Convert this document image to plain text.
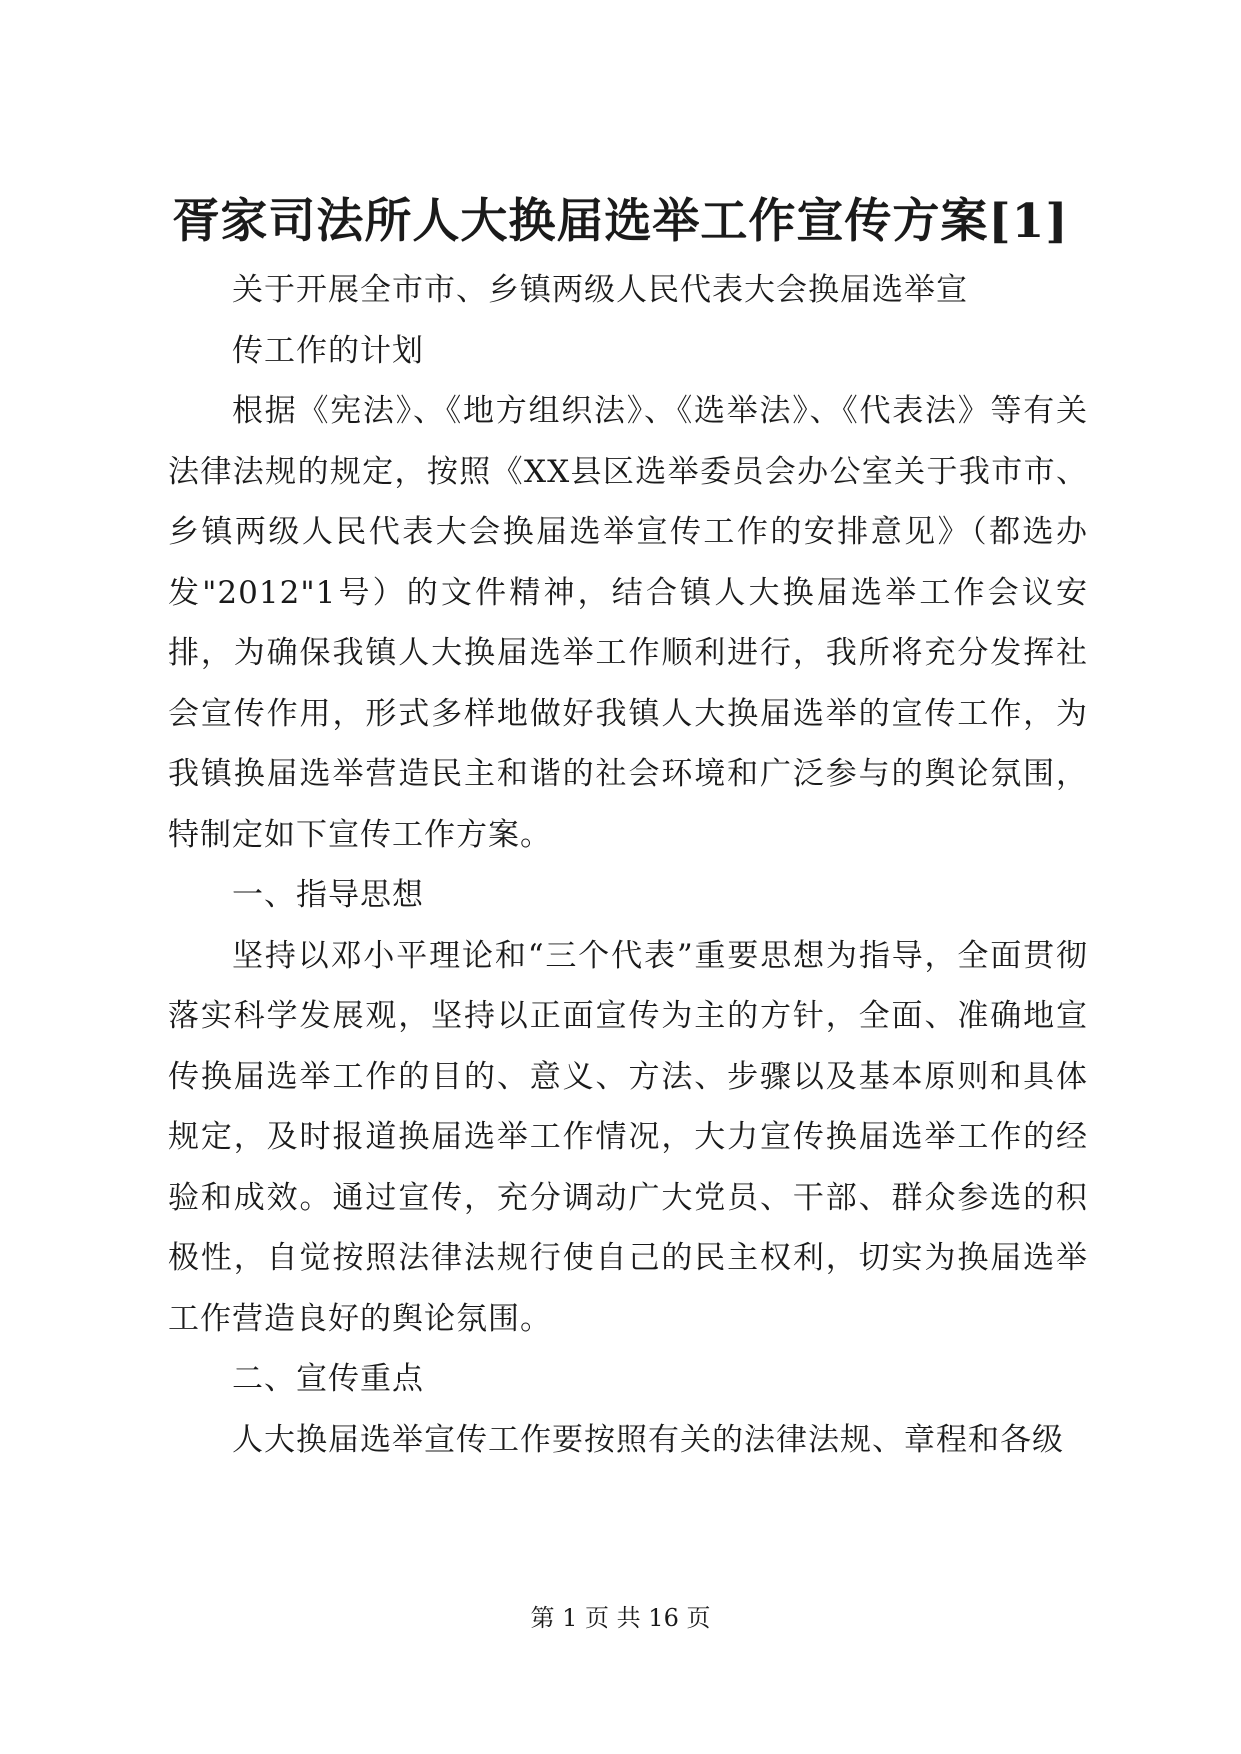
胥家司法所人大换届选举工作宣传方案[1]

关于开展全市市、乡镇两级人民代表大会换届选举宣

传工作的计划

根据《宪法》、《地方组织法》、《选举法》、《代表法》等有关法律法规的规定，按照《XX县区选举委员会办公室关于我市市、乡镇两级人民代表大会换届选举宣传工作的安排意见》（都选办发"2012"1号）的文件精神，结合镇人大换届选举工作会议安排，为确保我镇人大换届选举工作顺利进行，我所将充分发挥社会宣传作用，形式多样地做好我镇人大换届选举的宣传工作，为我镇换届选举营造民主和谐的社会环境和广泛参与的舆论氛围，特制定如下宣传工作方案。

一、指导思想

坚持以邓小平理论和“三个代表”重要思想为指导，全面贯彻落实科学发展观，坚持以正面宣传为主的方针，全面、准确地宣传换届选举工作的目的、意义、方法、步骤以及基本原则和具体规定，及时报道换届选举工作情况，大力宣传换届选举工作的经验和成效。通过宣传，充分调动广大党员、干部、群众参选的积极性，自觉按照法律法规行使自己的民主权利，切实为换届选举工作营造良好的舆论氛围。

二、宣传重点

人大换届选举宣传工作要按照有关的法律法规、章程和各级

第 1 页 共 16 页
